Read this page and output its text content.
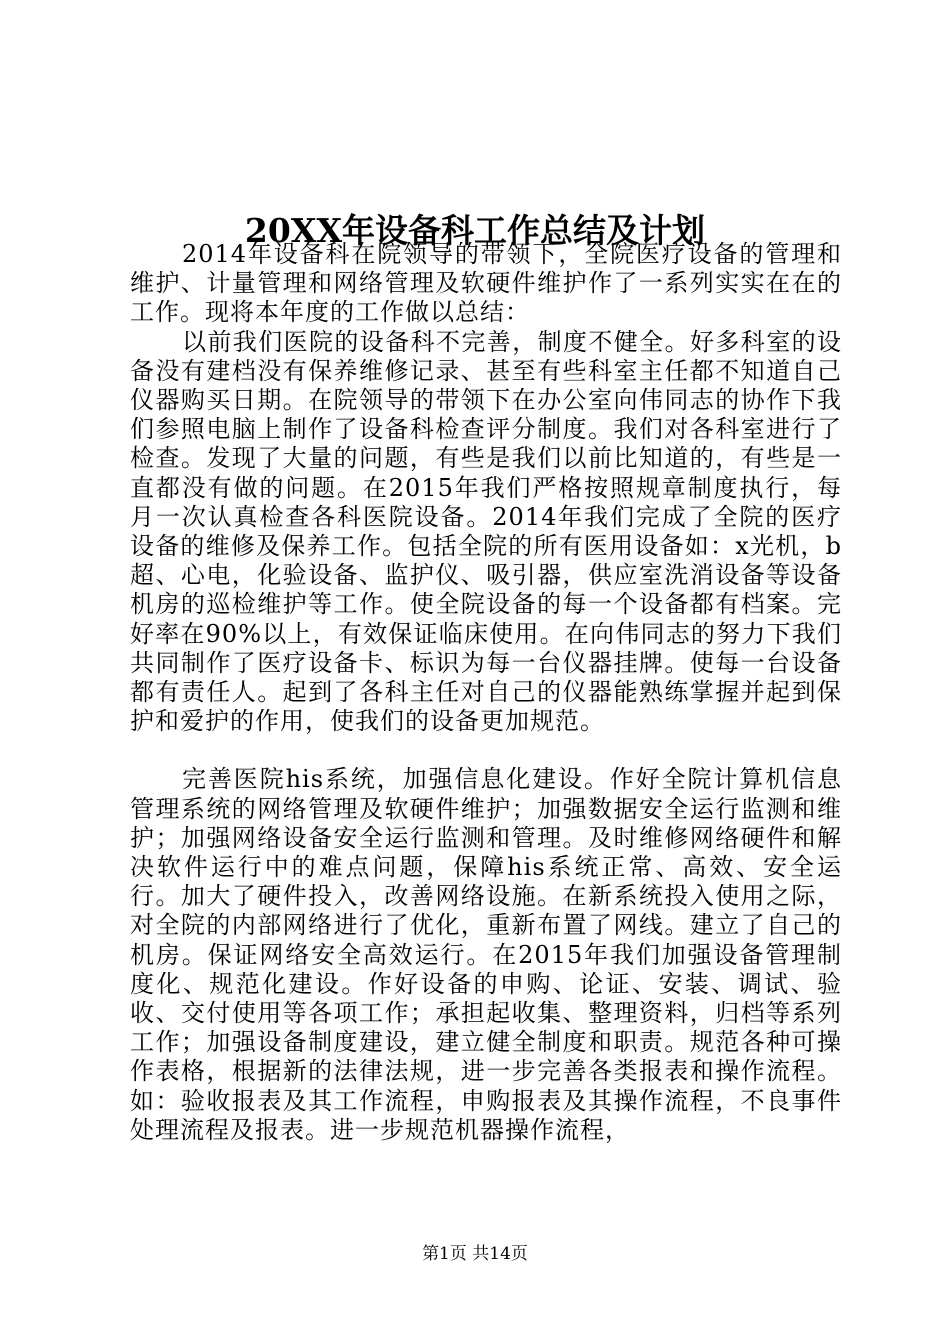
20XX年设备科工作总结及计划

2014年设备科在院领导的带领下，全院医疗设备的管理和维护、计量管理和网络管理及软硬件维护作了一系列实实在在的工作。现将本年度的工作做以总结：

以前我们医院的设备科不完善，制度不健全。好多科室的设备没有建档没有保养维修记录、甚至有些科室主任都不知道自己仪器购买日期。在院领导的带领下在办公室向伟同志的协作下我们参照电脑上制作了设备科检查评分制度。我们对各科室进行了检查。发现了大量的问题，有些是我们以前比知道的，有些是一直都没有做的问题。在2015年我们严格按照规章制度执行，每月一次认真检查各科医院设备。2014年我们完成了全院的医疗设备的维修及保养工作。包括全院的所有医用设备如：x光机，b超、心电，化验设备、监护仪、吸引器，供应室洗消设备等设备机房的巡检维护等工作。使全院设备的每一个设备都有档案。完好率在90%以上，有效保证临床使用。在向伟同志的努力下我们共同制作了医疗设备卡、标识为每一台仪器挂牌。使每一台设备都有责任人。起到了各科主任对自己的仪器能熟练掌握并起到保护和爱护的作用，使我们的设备更加规范。

完善医院his系统，加强信息化建设。作好全院计算机信息管理系统的网络管理及软硬件维护；加强数据安全运行监测和维护；加强网络设备安全运行监测和管理。及时维修网络硬件和解决软件运行中的难点问题，保障his系统正常、高效、安全运行。加大了硬件投入，改善网络设施。在新系统投入使用之际，对全院的内部网络进行了优化，重新布置了网线。建立了自己的机房。保证网络安全高效运行。在2015年我们加强设备管理制度化、规范化建设。作好设备的申购、论证、安装、调试、验收、交付使用等各项工作；承担起收集、整理资料，归档等系列工作；加强设备制度建设，建立健全制度和职责。规范各种可操作表格，根据新的法律法规，进一步完善各类报表和操作流程。如：验收报表及其工作流程，申购报表及其操作流程，不良事件处理流程及报表。进一步规范机器操作流程，

第1页 共14页
